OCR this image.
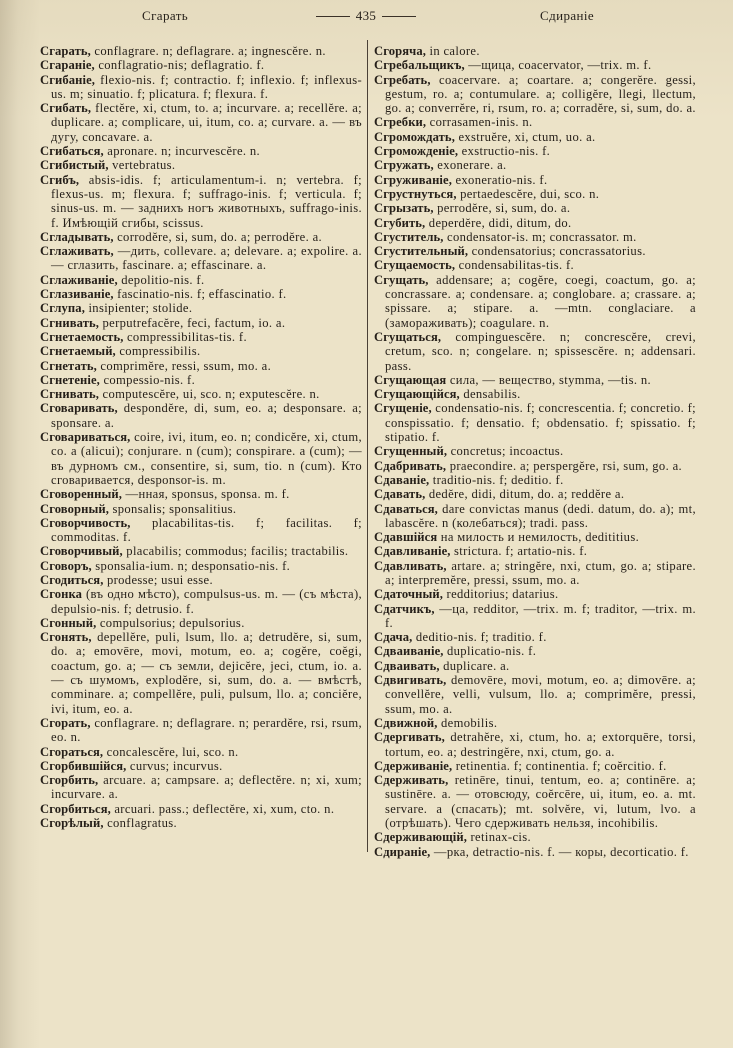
Сгарать	435	Сдираніе

Сгарать, conflagrare. n; deflagrare. a; ingnescĕre. n.

Сгараніе, conflagratio-nis; deflagratio. f.

Сгибаніе, flexio-nis. f; contractio. f; inflexio. f; inflexus-us. m; sinuatio. f; plicatura. f; flexura. f.

Сгибать, flectĕre, xi, ctum, to. a; incurvare. a; recellĕre. a; duplicare. a; complicare, ui, itum, co. a; curvare. a. — въ дугу, concavare. a.

Сгибаться, apronare. n; incurvescĕre. n.

Сгибистый, vertebratus.

Сгибъ, absis-idis. f; articulamentum-i. n; vertebra. f; flexus-us. m; flexura. f; suffrago-inis. f; verticula. f; sinus-us. m. — заднихъ ногъ животныхъ, suffrago-inis. f. Имѣющій сгибы, scissus.

Сгладывать, corrodĕre, si, sum, do. a; perrodĕre. a.

Сглаживать, —дить, collevare. a; delevare. a; expolire. a. — сглазить, fascinare. a; effascinare. a.

Сглаживаніе, depolitio-nis. f.

Сглазиваніе, fascinatio-nis. f; effascinatio. f.

Сглупа, insipienter; stolide.

Сгнивать, perputrefacĕre, feci, factum, io. a.

Сгнетаемость, compressibilitas-tis. f.

Сгнетаемый, compressibilis.

Сгнетать, comprimĕre, ressi, ssum, mo. a.

Сгнетеніе, compessio-nis. f.

Сгнивать, computescĕre, ui, sco. n; exputescĕre. n.

Сговаривать, despondĕre, di, sum, eo. a; desponsare. a; sponsare. a.

Сговариваться, coire, ivi, itum, eo. n; condicĕre, xi, ctum, co. a (alicui); conjurare. n (cum); conspirare. a (cum); — въ дурномъ см., consentire, si, sum, tio. n (cum). Кто сговаривается, desponsor-is. m.

Сговоренный, —нная, sponsus, sponsa. m. f.

Сговорный, sponsalis; sponsalitius.

Сговорчивость, placabilitas-tis. f; facilitas. f; commoditas. f.

Сговорчивый, placabilis; commodus; facilis; tractabilis.

Сговоръ, sponsalia-ium. n; desponsatio-nis. f.

Сгодиться, prodesse; usui esse.

Сгонка (въ одно мѣсто), compulsus-us. m. — (съ мѣста), depulsio-nis. f; detrusio. f.

Сгонный, compulsorius; depulsorius.

Сгонять, depellĕre, puli, lsum, llo. a; detrudĕre, si, sum, do. a; emovēre, movi, motum, eo. a; cogĕre, coĕgi, coactum, go. a; — съ земли, dejicĕre, jeci, ctum, io. a. — съ шумомъ, explodĕre, si, sum, do. a. — вмѣстѣ, comminare. a; compellĕre, puli, pulsum, llo. a; conciĕre, ivi, itum, eo. a.

Сгорать, conflagrare. n; deflagrare. n; perardĕre, rsi, rsum, eo. n.

Сгораться, concalescĕre, lui, sco. n.

Сгорбившійся, curvus; incurvus.

Сгорбить, arcuare. a; campsare. a; deflectĕre. n; xi, xum; incurvare. a.

Сгорбиться, arcuari. pass.; deflectĕre, xi, xum, cto. n.

Сгорѣлый, conflagratus.

Сгоряча, in calore.

Сгребальщикъ, —щица, coacervator, —trix. m. f.

Сгребать, coacervare. a; coartare. a; congerĕre. gessi, gestum, ro. a; contumulare. a; colligĕre, llegi, llectum, go. a; converrĕre, ri, rsum, ro. a; corradĕre, si, sum, do. a.

Сгребки, corrasamen-inis. n.

Сгромождать, exstruĕre, xi, ctum, uo. a.

Сгроможденіе, exstructio-nis. f.

Сгружать, exonerare. a.

Сгруживаніе, exoneratio-nis. f.

Сгрустнуться, pertaedescĕre, dui, sco. n.

Сгрызать, perrodĕre, si, sum, do. a.

Сгубить, deperdĕre, didi, ditum, do.

Сгуститель, condensator-is. m; concrassator. m.

Сгустительный, condensatorius; concrassatorius.

Сгущаемость, condensabilitas-tis. f.

Сгущать, addensare; a; cogĕre, coegi, coactum, go. a; concrassare. a; condensare. a; conglobare. a; crassare. a; spissare. a; stipare. a. —mtn. conglaciare. a (замораживать); coagulare. n.

Сгущаться, compinguescĕre. n; concrescĕre, crevi, cretum, sco. n; congelare. n; spissescĕre. n; addensari. pass.

Сгущающая сила, — вещество, stymma, —tis. n.

Сгущающійся, densabilis.

Сгущеніе, condensatio-nis. f; concrescentia. f; concretio. f; conspissatio. f; densatio. f; obdensatio. f; spissatio. f; stipatio. f.

Сгущенный, concretus; incoactus.

Сдабривать, praecondire. a; perspergĕre, rsi, sum, go. a.

Сдаваніе, traditio-nis. f; deditio. f.

Сдавать, dedĕre, didi, ditum, do. a; reddĕre a.

Сдаваться, dare convictas manus (dedi. datum, do. a); mt, labascĕre. n (колебаться); tradi. pass.

Сдавшійся на милость и немилость, dedititius.

Сдавливаніе, strictura. f; artatio-nis. f.

Сдавливать, artare. a; stringĕre, nxi, ctum, go. a; stipare. a; interpremĕre, pressi, ssum, mo. a.

Сдаточный, redditorius; datarius.

Сдатчикъ, —ца, redditor, —trix. m. f; traditor, —trix. m. f.

Сдача, deditio-nis. f; traditio. f.

Сдваиваніе, duplicatio-nis. f.

Сдваивать, duplicare. a.

Сдвигивать, demovēre, movi, motum, eo. a; dimovēre. a; convellĕre, velli, vulsum, llo. a; comprimĕre, pressi, ssum, mo. a.

Сдвижной, demobilis.

Сдергивать, detrahĕre, xi, ctum, ho. a; extorquēre, torsi, tortum, eo. a; destringĕre, nxi, ctum, go. a.

Сдерживаніе, retinentia. f; continentia. f; coĕrcitio. f.

Сдерживать, retinēre, tinui, tentum, eo. a; continēre. a; sustinēre. a. — отовсюду, coĕrcēre, ui, itum, eo. a. mt. servare. a (спасать); mt. solvĕre, vi, lutum, lvo. a (отрѣшать). Чего сдерживать нельзя, incohibilis.

Сдерживающій, retinax-cis.

Сдираніе, —рка, detractio-nis. f. — коры, decorticatio. f.
